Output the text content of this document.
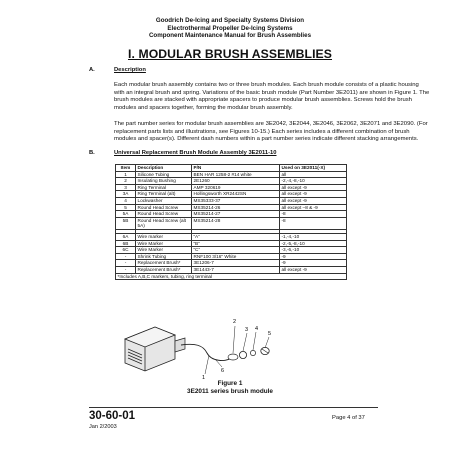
Goodrich De-Icing and Specialty Systems Division
Electrothermal Propeller De-Icing Systems
Component Maintenance Manual for Brush Assemblies
I. MODULAR BRUSH ASSEMBLIES
A.	Description
Each modular brush assembly contains two or three brush modules. Each brush module consists of a plastic housing with an integral brush and spring. Variations of the basic brush module (Part Number 3E2011) are shown in Figure 1. The brush modules are stacked with appropriate spacers to produce modular brush assemblies. Screws hold the brush modules and spacers together, forming the modular brush assembly.
The part number series for modular brush assemblies are 3E2042, 3E2044, 3E2046, 3E2062, 3E2071 and 3E2090. (For replacement parts lists and illustrations, see Figures 10-15.) Each series includes a different combination of brush modules and spacer(s). Different dash numbers within a part number series indicate different stacking arrangements.
B.	Universal Replacement Brush Module Assembly 3E2011-10
Item	Description	P/N	Used on 3E2011(-X)
1	Silicone Tubing	BEN HAR 1258-2 #14 white	all
2	Insulating Bushing	2E1260	-2,-4,-8,-10
3	Ring Terminal	AMP 320619	all except -9
3A	Ring Terminal (alt)	Hollingsworth XR2442SN	all except -9
4	Lockwasher	MS35333-37	all except -9
5	Round Head Screw	MS35214-26	all except –8 & -9
5A	Round Head Screw	MS35214-27	-8
5B	Round Head Screw (alt 5A)	MS35214-28	-8

6A	Wire marker	“A”	-1,-4,-10
6B	Wire Marker	“B”	-2,-5,-8,-10
6C	Wire Marker	“C”	-3,-6,-10
-	Shrink Tubing	RNF100 3/16" White	-9
-	Replacement Brush*	3E1206-7	-9
-	Replacement Brush*	3E1443-7	all except -9
*Includes A,B,C markers, tubing, ring terminal			
1
2
3 4
5
6
Figure 1
3E2011 series brush module
30-60-01
Jan 2/2003
Page 4 of 37
